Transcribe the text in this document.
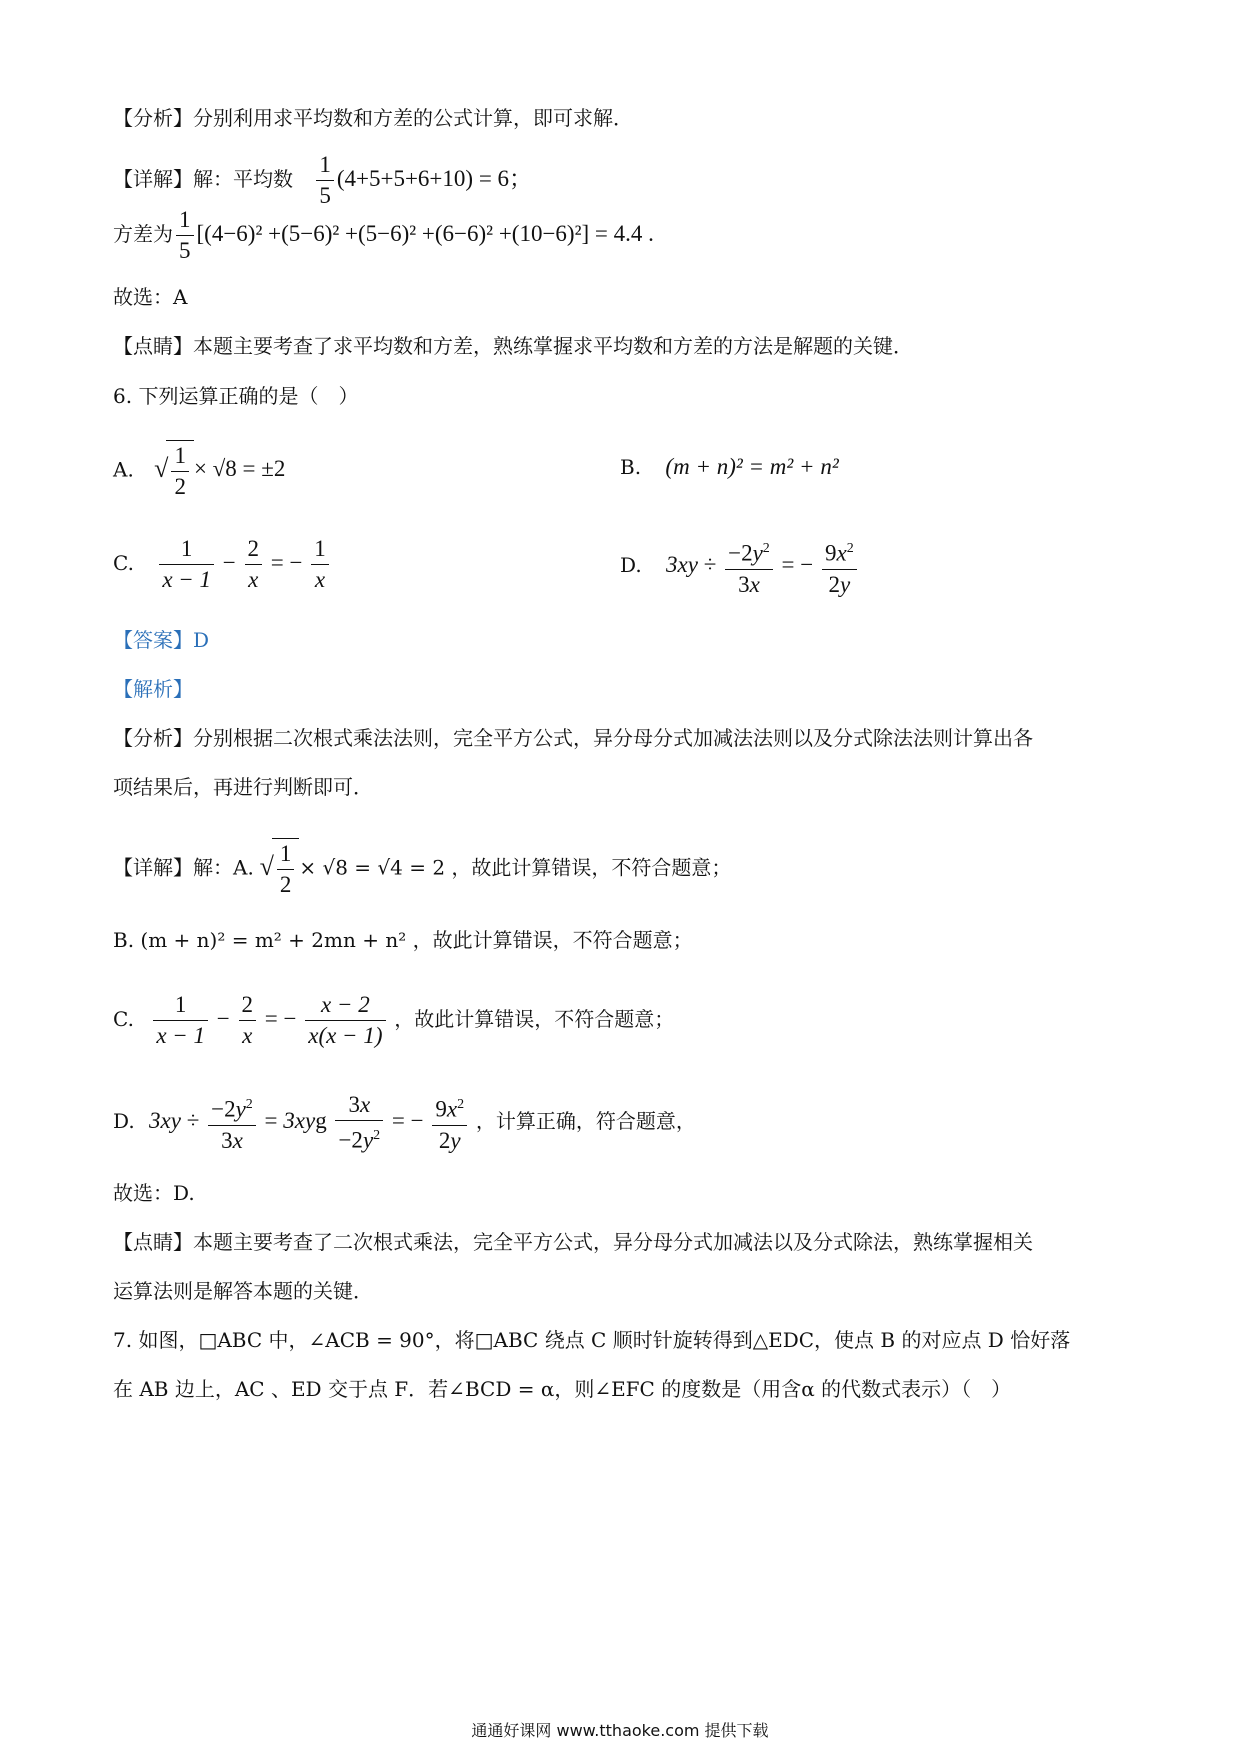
【分析】分别利用求平均数和方差的公式计算，即可求解．
【详解】解：平均数 $\frac{1}{5} (4+5+5+6+10) = 6$；
方差为 $\frac{1}{5} [(4-6)^2 +(5-6)^2 +(5-6)^2 +(6-6)^2 +(10-6)^2] = 4.4$ .
故选：A
【点睛】本题主要考查了求平均数和方差，熟练掌握求平均数和方差的方法是解题的关键．
6. 下列运算正确的是（　）
A. √ $\frac{1}{2} \times √8 = \pm 2$	B. (m + n)² = m² + n²
C. $\frac{1}{x - 1} - \frac{2}{x}$ = − $\frac{1}{x}$	D. $3xy \div \frac{-2y^2}{3x}$ = − $\frac{9x^2}{2y}$
【答案】D
【解析】
【分析】分别根据二次根式乘法法则，完全平方公式，异分母分式加减法法则以及分式除法法则计算出各
项结果后，再进行判断即可．
【详解】解：A. √ $\frac{1}{2} \times √8 = √4 = 2$ ，故此计算错误，不符合题意；
B. (m + n)² = m² + 2mn + n² ，故此计算错误，不符合题意；
C. $\frac{1}{x - 1} - \frac{2}{x}$ = − $\frac{x - 2}{x(x - 1)}$ ，故此计算错误，不符合题意；
D. $3xy \div \frac{-2y^2}{3x} = 3xyg \frac{3x}{-2y^2}$ = − $\frac{9x^2}{2y}$ ，计算正确，符合题意，
故选：D.
【点睛】本题主要考查了二次根式乘法，完全平方公式，异分母分式加减法以及分式除法，熟练掌握相关
运算法则是解答本题的关键．
7. 如图，□ABC 中，∠ACB = 90°，将□ABC 绕点 C 顺时针旋转得到△EDC，使点 B 的对应点 D 恰好落
在 AB 边上，AC 、ED 交于点 F．若∠BCD = α，则∠EFC 的度数是（用含α 的代数式表示）（　）
通通好课网 www.tthaoke.com 提供下载
